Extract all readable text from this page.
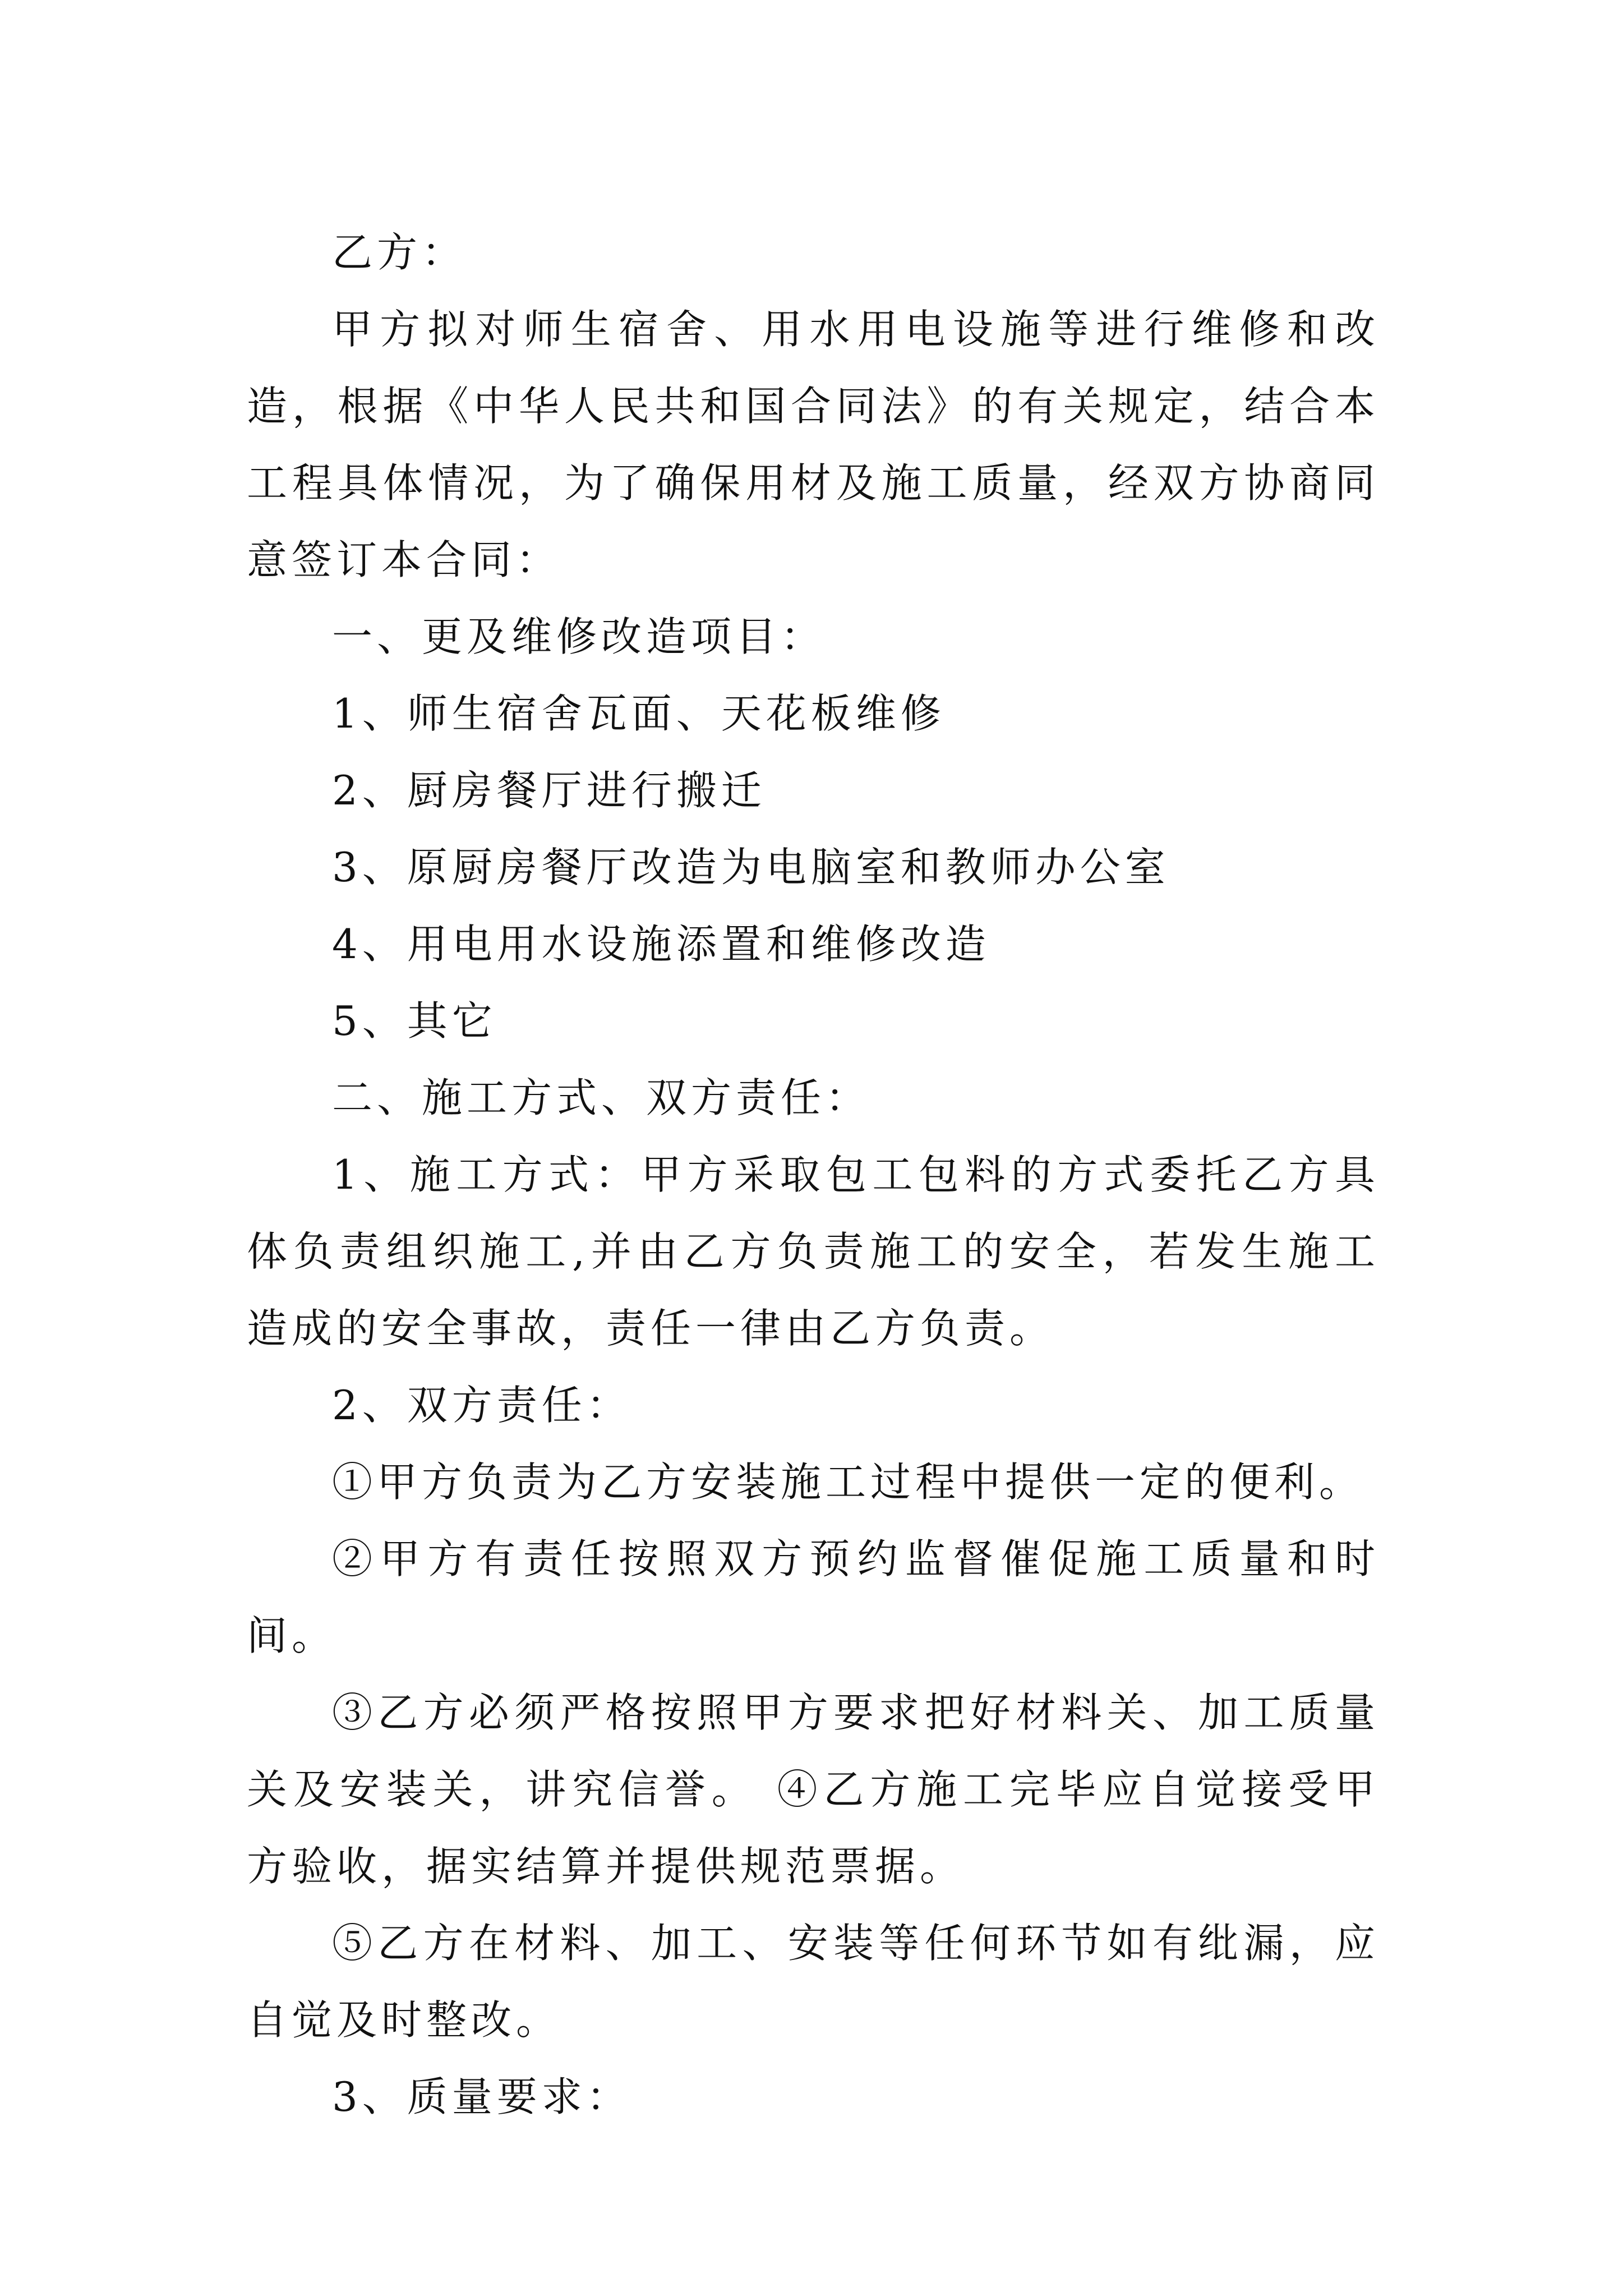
乙方：

甲方拟对师生宿舍、用水用电设施等进行维修和改造，根据《中华人民共和国合同法》的有关规定，结合本工程具体情况，为了确保用材及施工质量，经双方协商同意签订本合同：

一、更及维修改造项目：

1、师生宿舍瓦面、天花板维修

2、厨房餐厅进行搬迁

3、原厨房餐厅改造为电脑室和教师办公室

4、用电用水设施添置和维修改造

5、其它

二、施工方式、双方责任：

1、施工方式：甲方采取包工包料的方式委托乙方具体负责组织施工,并由乙方负责施工的安全，若发生施工造成的安全事故，责任一律由乙方负责。

2、双方责任：

①甲方负责为乙方安装施工过程中提供一定的便利。

②甲方有责任按照双方预约监督催促施工质量和时间。

③乙方必须严格按照甲方要求把好材料关、加工质量关及安装关，讲究信誉。 ④乙方施工完毕应自觉接受甲方验收，据实结算并提供规范票据。

⑤乙方在材料、加工、安装等任何环节如有纰漏，应自觉及时整改。

3、质量要求：
